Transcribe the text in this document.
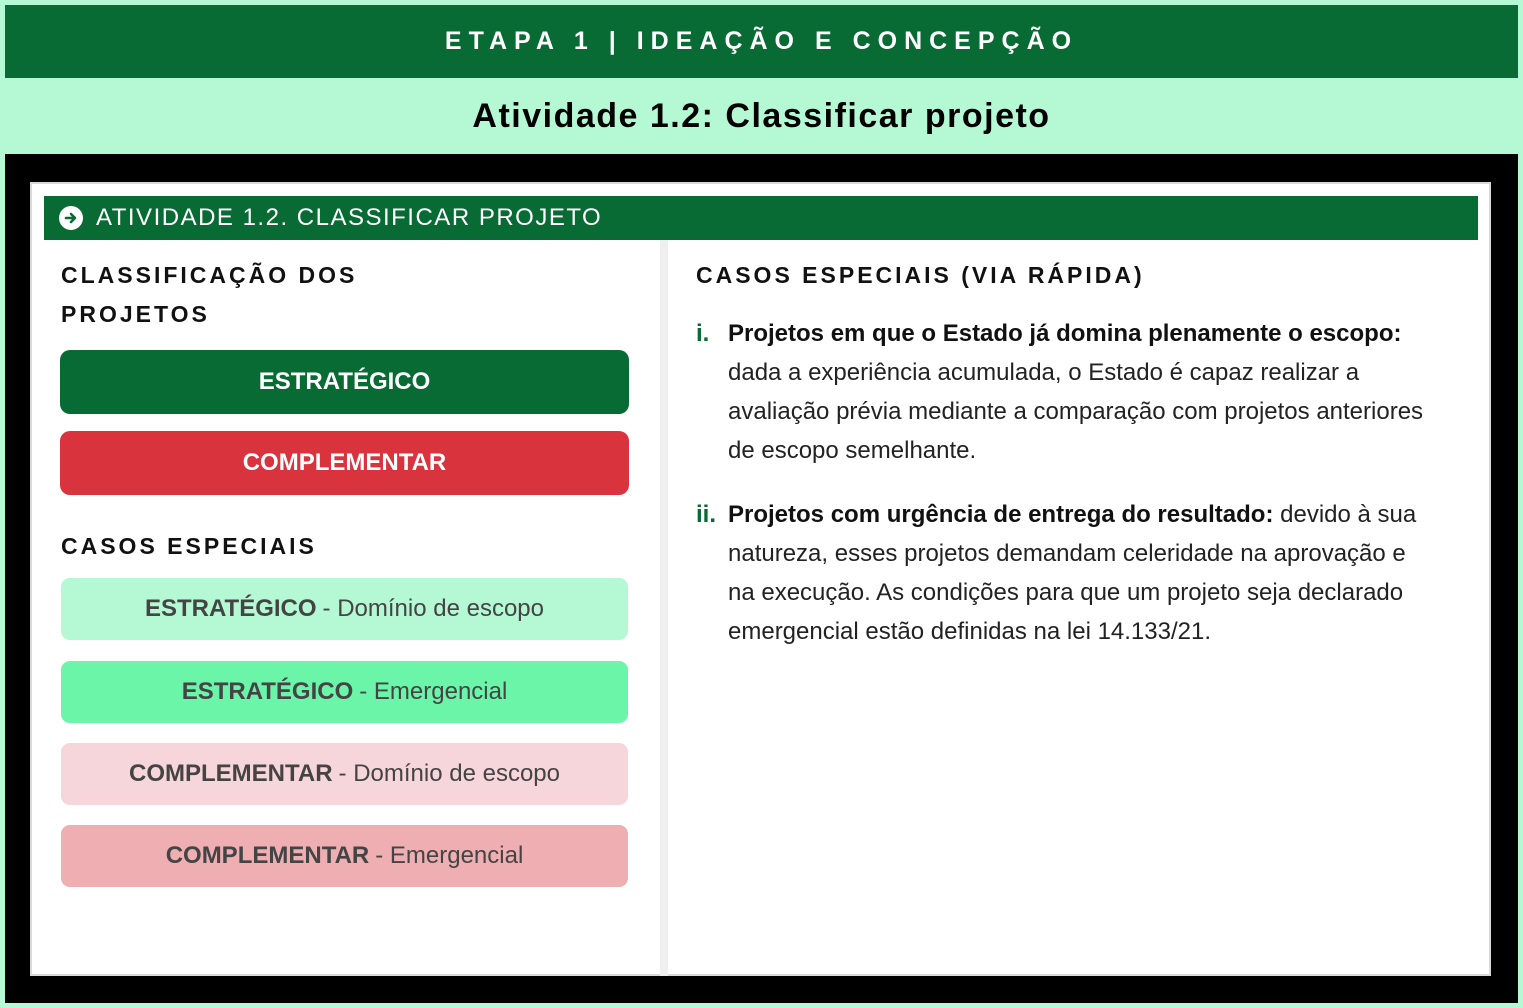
ETAPA 1 | IDEAÇÃO E CONCEPÇÃO
Atividade 1.2: Classificar projeto
ATIVIDADE 1.2. CLASSIFICAR PROJETO
CLASSIFICAÇÃO DOS
PROJETOS
ESTRATÉGICO
COMPLEMENTAR
CASOS ESPECIAIS
ESTRATÉGICO - Domínio de escopo
ESTRATÉGICO - Emergencial
COMPLEMENTAR - Domínio de escopo
COMPLEMENTAR - Emergencial
CASOS ESPECIAIS (VIA RÁPIDA)
i. Projetos em que o Estado já domina plenamente o escopo: dada a experiência acumulada, o Estado é capaz realizar a avaliação prévia mediante a comparação com projetos anteriores de escopo semelhante.
ii. Projetos com urgência de entrega do resultado: devido à sua natureza, esses projetos demandam celeridade na aprovação e na execução. As condições para que um projeto seja declarado emergencial estão definidas na lei 14.133/21.
